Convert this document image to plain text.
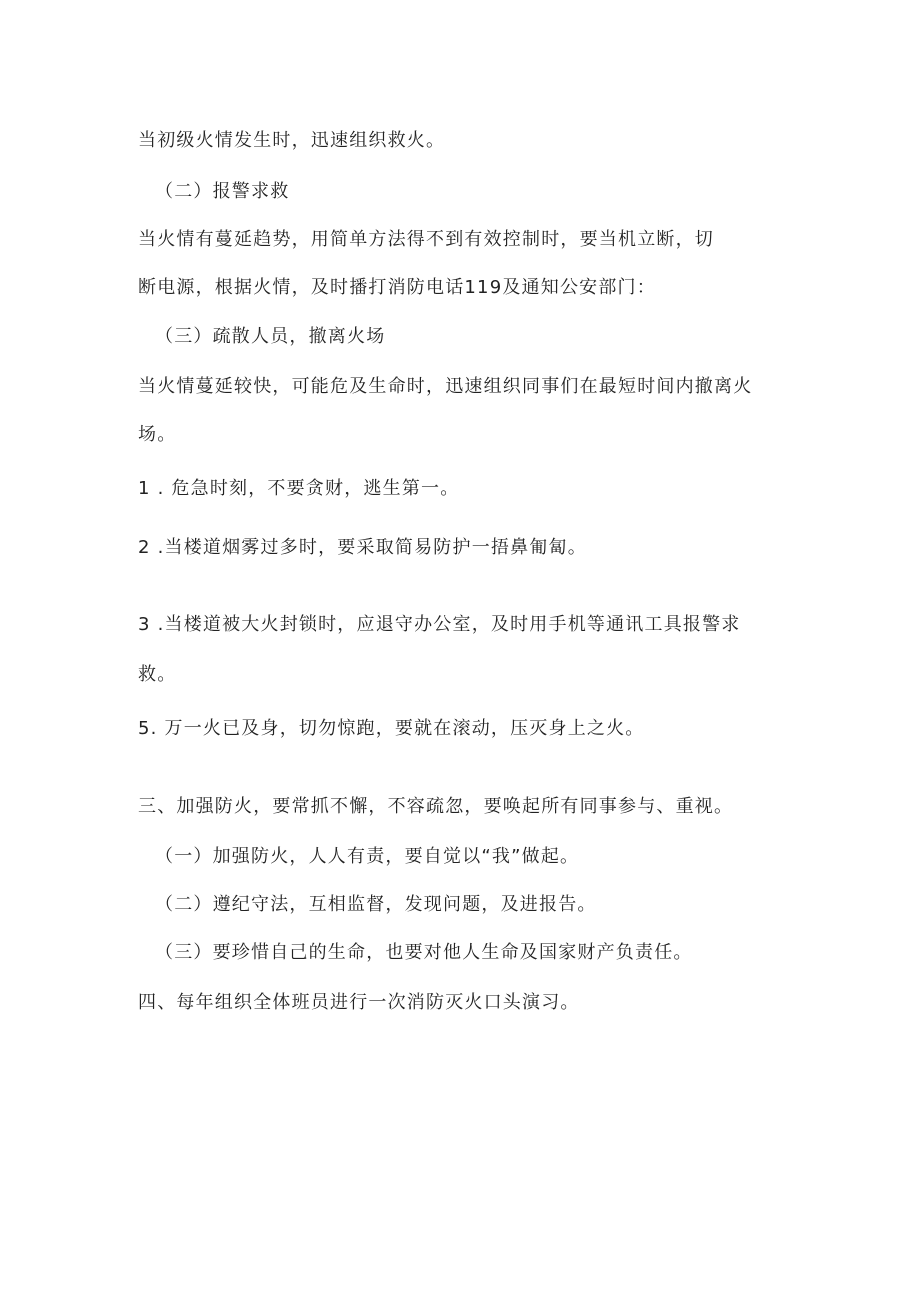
当初级火情发生时，迅速组织救火。
（二）报警求救
当火情有蔓延趋势，用简单方法得不到有效控制时，要当机立断，切
断电源，根据火情，及时播打消防电话119及通知公安部门：
（三）疏散人员，撤离火场
当火情蔓延较快，可能危及生命时，迅速组织同事们在最短时间内撤离火
场。
1 . 危急时刻，不要贪财，逃生第一。
2 .当楼道烟雾过多时，要采取简易防护一捂鼻匍匐。
3 .当楼道被大火封锁时，应退守办公室，及时用手机等通讯工具报警求
救。
5. 万一火已及身，切勿惊跑，要就在滚动，压灭身上之火。
三、加强防火，要常抓不懈，不容疏忽，要唤起所有同事参与、重视。
（一）加强防火，人人有责，要自觉以“我”做起。
（二）遵纪守法，互相监督，发现问题，及进报告。
（三）要珍惜自己的生命，也要对他人生命及国家财产负责任。
四、每年组织全体班员进行一次消防灭火口头演习。
